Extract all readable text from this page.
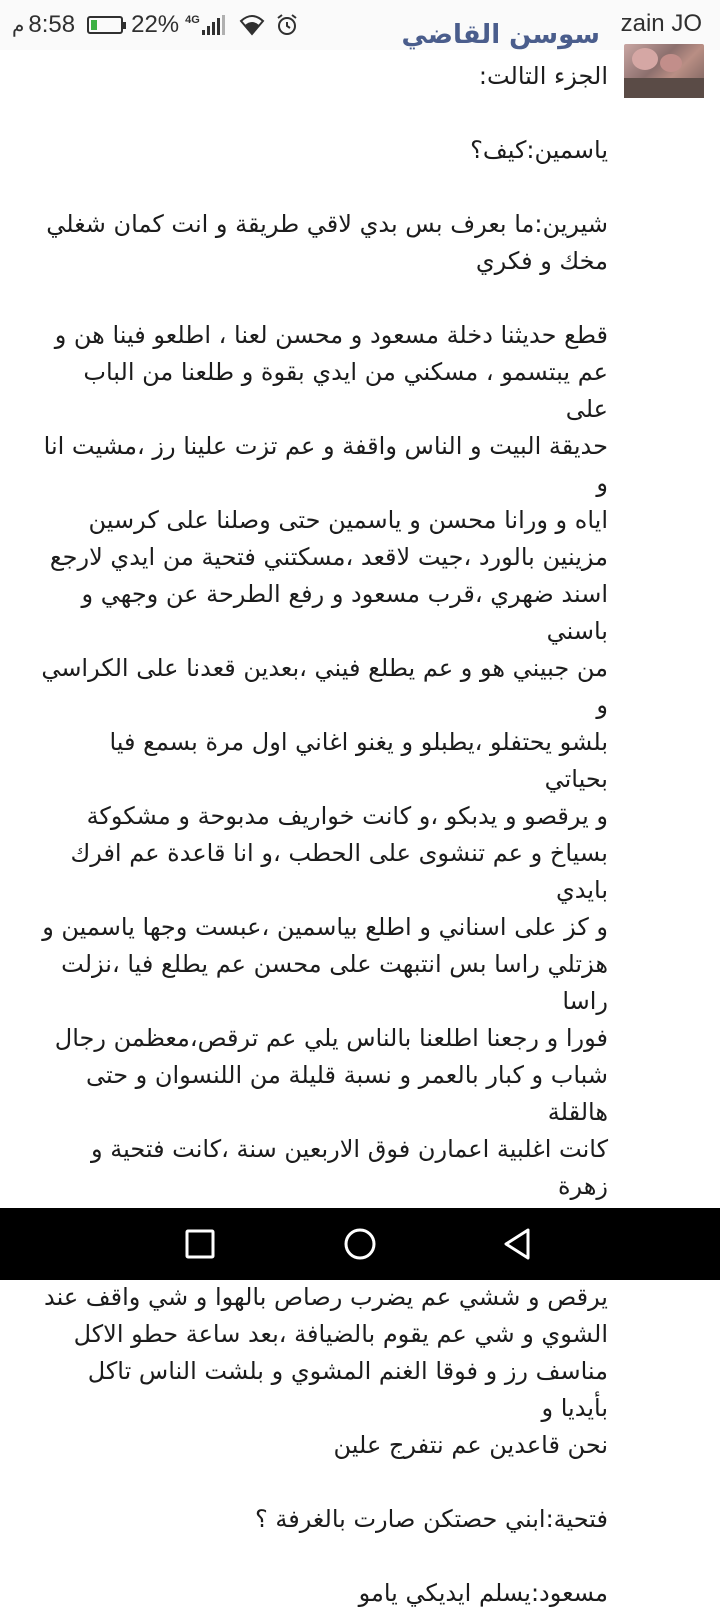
zain JO
م 8:58 22% 4G	سوسن القاضي

الجزء التالت:

ياسمين:كيف؟

شيرين:ما بعرف بس بدي لاقي طريقة و انت كمان شغلي
مخك و فكري

قطع حديثنا دخلة مسعود و محسن لعنا ، اطلعو فينا هن و
عم يبتسمو ، مسكني من ايدي بقوة و طلعنا من الباب على
حديقة البيت و الناس واقفة و عم تزت علينا رز ،مشيت انا و
اياه و ورانا محسن و ياسمين حتى وصلنا على كرسين
مزينين بالورد ،جيت لاقعد ،مسكتني فتحية من ايدي لارجع
اسند ضهري ،قرب مسعود و رفع الطرحة عن وجهي و باسني
من جبيني هو و عم يطلع فيني ،بعدين قعدنا على الكراسي و
بلشو يحتفلو ،يطبلو و يغنو اغاني اول مرة بسمع فيا بحياتي
و يرقصو و يدبكو ،و كانت خواريف مدبوحة و مشكوكة
بسياخ و عم تنشوى على الحطب ،و انا قاعدة عم افرك بايدي
و كز على اسناني و اطلع بياسمين ،عبست وجها ياسمين و
هزتلي راسا بس انتبهت على محسن عم يطلع فيا ،نزلت راسا
فورا و رجعنا اطلعنا بالناس يلي عم ترقص،معظمن رجال
شباب و كبار بالعمر و نسبة قليلة من اللنسوان و حتى هالقلة
كانت اغلبية اعمارن فوق الاربعين سنة ،كانت فتحية و زهرة

يرقص و ششي عم يضرب رصاص بالهوا و شي واقف عند
الشوي و شي عم يقوم بالضيافة ،بعد ساعة حطو الاكل
مناسف رز و فوقا الغنم المشوي و بلشت الناس تاكل بأيديا و
نحن قاعدين عم نتفرج علين

فتحية:ابني حصتكن صارت بالغرفة ؟

مسعود:يسلم ايديكي يامو
